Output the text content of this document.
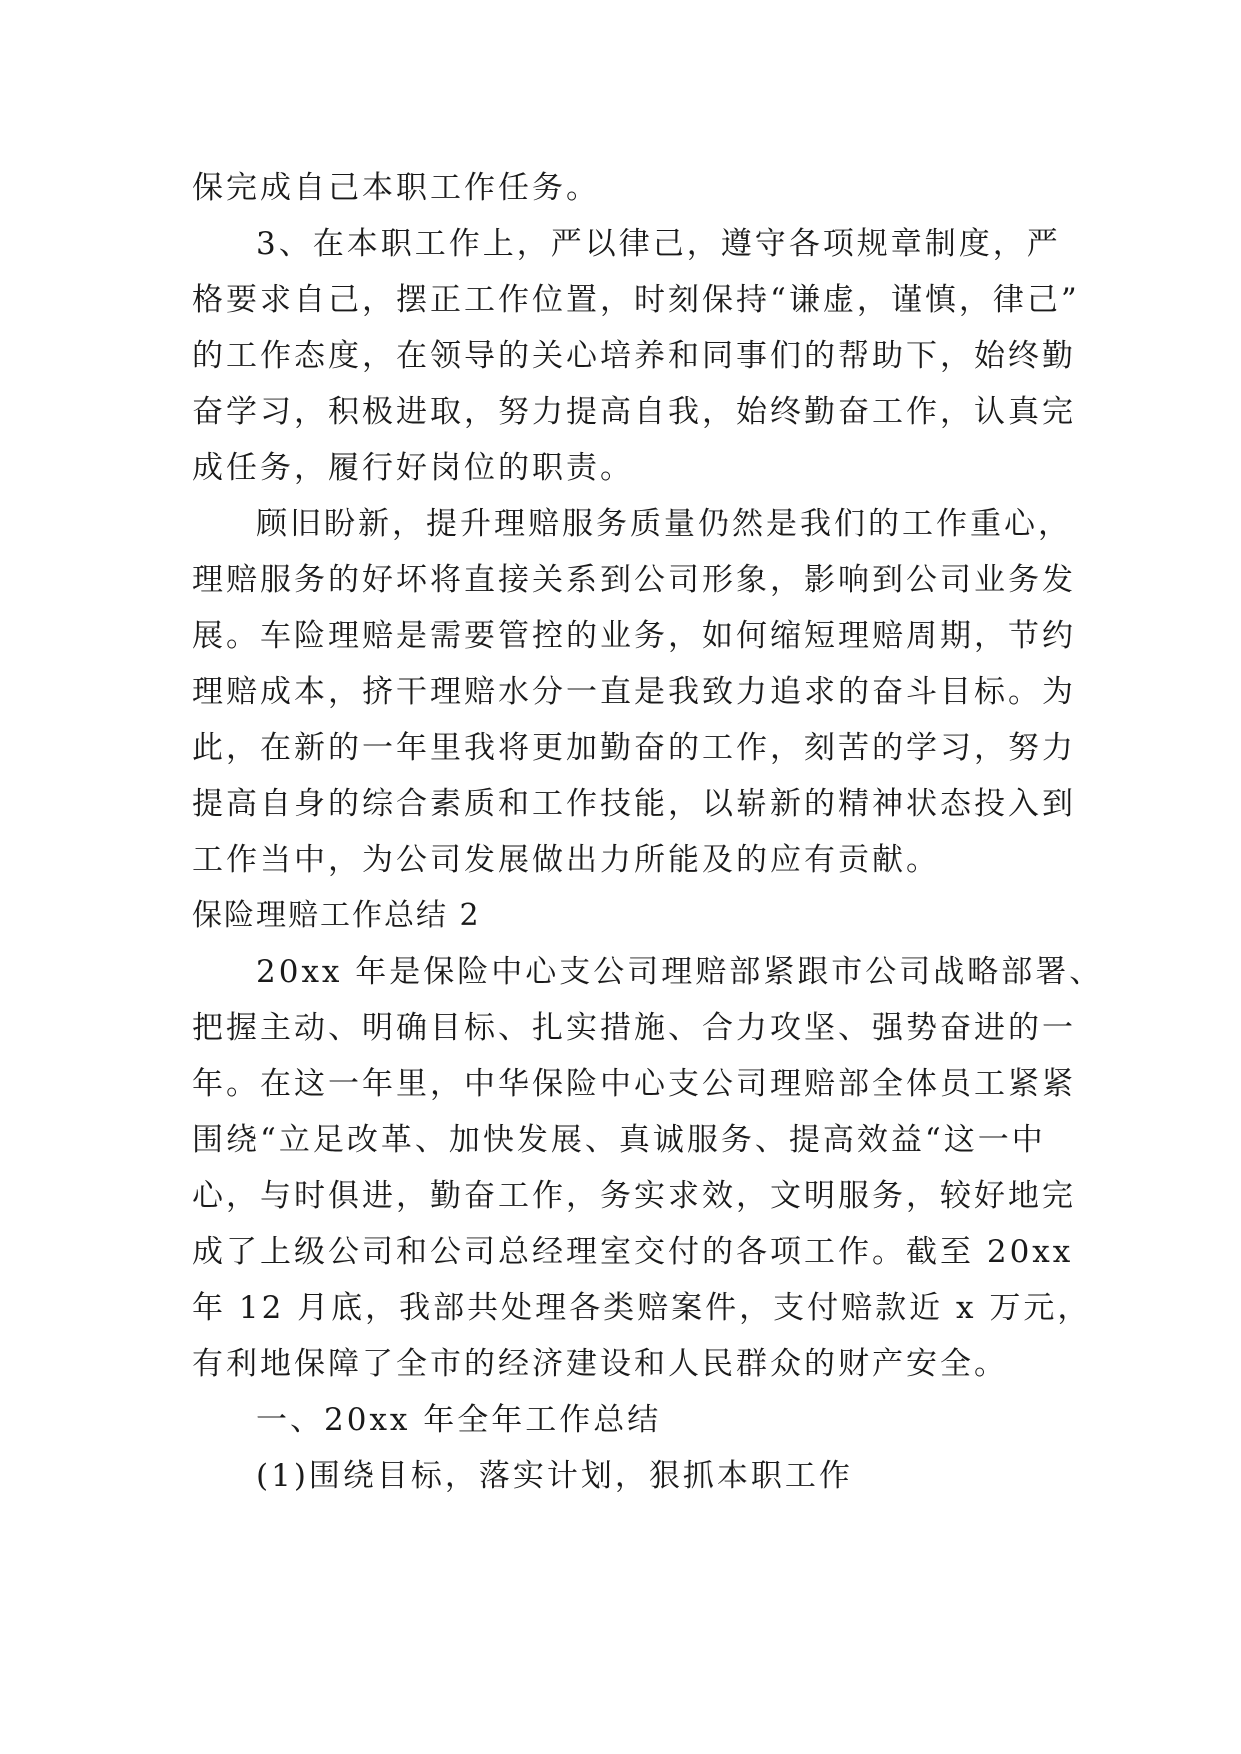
保完成自己本职工作任务。
3、在本职工作上，严以律己，遵守各项规章制度，严
格要求自己，摆正工作位置，时刻保持“谦虚，谨慎，律己”
的工作态度，在领导的关心培养和同事们的帮助下，始终勤
奋学习，积极进取，努力提高自我，始终勤奋工作，认真完
成任务，履行好岗位的职责。
顾旧盼新，提升理赔服务质量仍然是我们的工作重心，
理赔服务的好坏将直接关系到公司形象，影响到公司业务发
展。车险理赔是需要管控的业务，如何缩短理赔周期，节约
理赔成本，挤干理赔水分一直是我致力追求的奋斗目标。为
此，在新的一年里我将更加勤奋的工作，刻苦的学习，努力
提高自身的综合素质和工作技能，以崭新的精神状态投入到
工作当中，为公司发展做出力所能及的应有贡献。
保险理赔工作总结 2
20xx 年是保险中心支公司理赔部紧跟市公司战略部署、
把握主动、明确目标、扎实措施、合力攻坚、强势奋进的一
年。在这一年里，中华保险中心支公司理赔部全体员工紧紧
围绕“立足改革、加快发展、真诚服务、提高效益“这一中
心，与时俱进，勤奋工作，务实求效，文明服务，较好地完
成了上级公司和公司总经理室交付的各项工作。截至 20xx
年 12 月底，我部共处理各类赔案件，支付赔款近 x 万元，
有利地保障了全市的经济建设和人民群众的财产安全。
一、20xx 年全年工作总结
(1)围绕目标，落实计划，狠抓本职工作
